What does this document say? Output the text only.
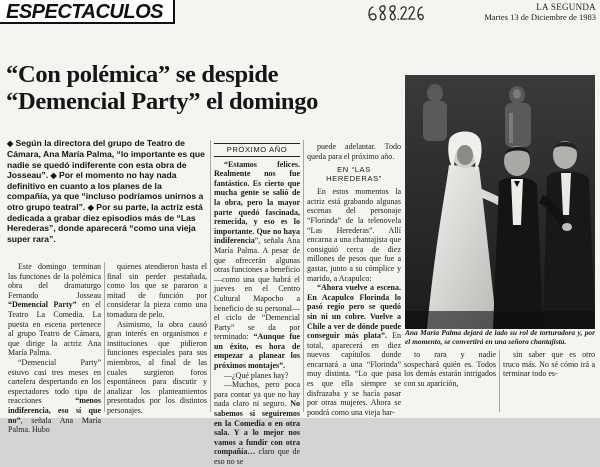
ESPECTACULOS	LA SEGUNDA
Martes 13 de Diciembre de 1983
“Con polémica” se despide
“Demencial Party” el domingo
◆ Según la directora del grupo de Teatro de Cámara, Ana María Palma, “lo importante es que nadie se quedó indiferente con esta obra de Josseau”. ◆ Por el momento no hay nada definitivo en cuanto a los planes de la compañía, ya que “incluso podríamos unirnos a otro grupo teatral”. ◆ Por su parte, la actriz está dedicada a grabar diez episodios más de “Las Herederas”, donde aparecerá “como una vieja super rara”.

Este domingo terminan las funciones de la polémica obra del dramaturgo Fernando Josseau “Demencial Party” en el Teatro La Comedia. La puesta en escena pertenece al grupo Teatro de Cámara, que dirige la actriz Ana María Palma.

“Demencial Party” estuvo casi tres meses en cartelera despertando en los espectadores todo tipo de reacciones	“menos indiferencia, eso sí que no”, señala Ana María Palma. Hubo

quienes atendieron hasta el final sin perder pestañada, como los que se pararon a mitad de función por considerar la pieza como una tomadura de pelo.

Asimismo, la obra causó gran interés en organismos e instituciones que pidieron funciones especiales para sus miembros, al final de las cuales surgieron foros espontáneos para discutir y analizar los planteamientos presentados por los distintos personajes.

PROXIMO AÑO

“Estamos felices. Realmente nos fue fantástico. Es cierto que mucha gente se salió de la obra, pero la mayor parte quedó fascinada, remecida, y eso es lo importante. Que no haya indiferencia”, señala Ana María Palma. A pesar de que ofrecerán algunas otras funciones a beneficio —como una que habrá el jueves en el Centro Cultural Mapocho a beneficio de su personal— el ciclo de “Demencial Party” se da por terminado: “Aunque fue un éxito, es hora de empezar a planear los próximos montajes”.

—¿Qué planes hay?

—Muchos, pero poca para contar ya que no hay nada claro ni seguro. No sabemos si seguiremos en la Comedia o en otra sala. Y a lo mejor nos vamos a fundir con otra compañía… claro que de eso no se

puede adelantar. Todo queda para el próximo año.

EN “LAS
HEREDERAS”

En estos momentos la actriz está grabando algunas escenas del personaje “Florinda” de la telenovela “Las Herederas”. Allí encarna a una chantajista que consiguió cerca de diez millones de pesos que fue a gastar, junto a su cómplice y marido, a Acapulco:

“Ahora vuelve a escena. En Acapulco Florinda lo pasó regio pero se quedó sin ni un cobre. Vuelve a Chile a ver de dónde puede conseguir más plata”. En total, aparecerá en diez nuevos capítulos donde encarnará a una “Florinda” muy distinta. “Lo que pasa es que ella siempre se disfrazaba y se hacía pasar por otras mujeres. Ahora se pondrá como una vieja har-

to rara y nadie sospechará quién es. Todos los demás estarán intrigados con su aparición,

sin saber que es otro truco más. No sé cómo irá a terminar todo es-

Ana María Palma dejará de lado su rol de torturadora y, por el momento, se convertirá en una señora chantajista.
